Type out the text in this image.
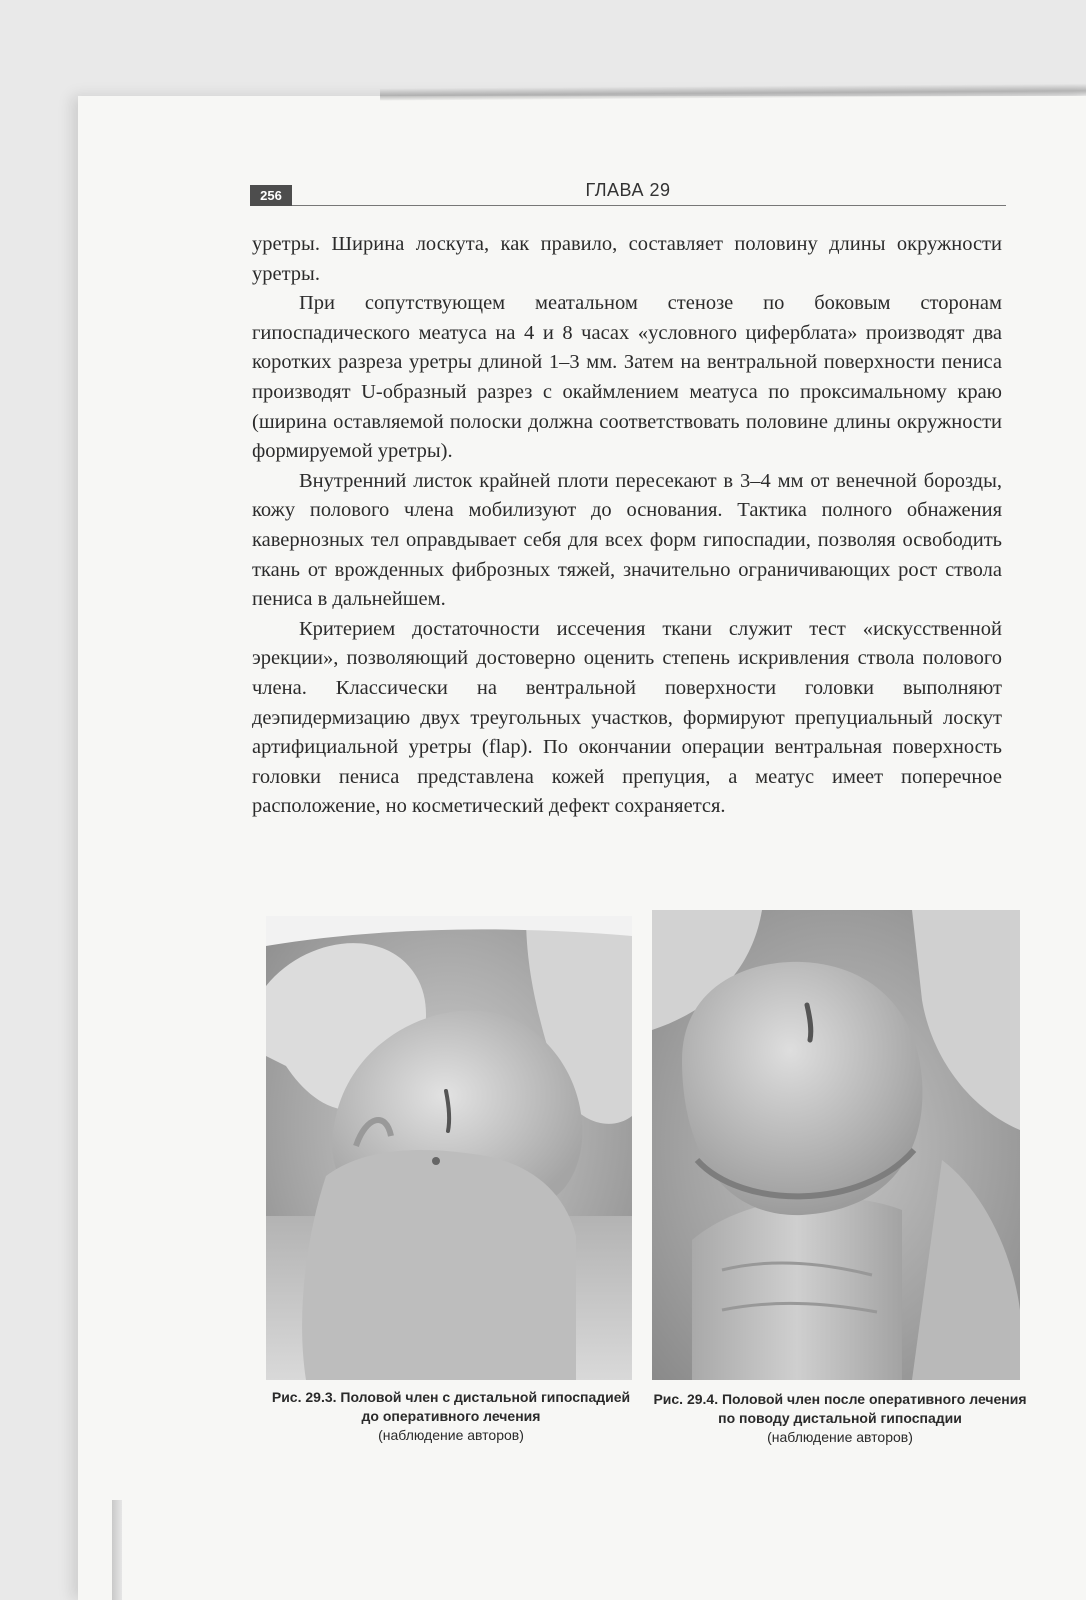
256	ГЛАВА 29

уретры. Ширина лоскута, как правило, составляет половину длины окружности уретры.

При сопутствующем меатальном стенозе по боковым сторонам гипоспадического меатуса на 4 и 8 часах «условного циферблата» производят два коротких разреза уретры длиной 1–3 мм. Затем на вентральной поверхности пениса производят U-образный разрез с окаймлением меатуса по проксимальному краю (ширина оставляемой полоски должна соответствовать половине длины окружности формируемой уретры).

Внутренний листок крайней плоти пересекают в 3–4 мм от венечной борозды, кожу полового члена мобилизуют до основания. Тактика полного обнажения кавернозных тел оправдывает себя для всех форм гипоспадии, позволяя освободить ткань от врожденных фиброзных тяжей, значительно ограничивающих рост ствола пениса в дальнейшем.

Критерием достаточности иссечения ткани служит тест «искусственной эрекции», позволяющий достоверно оценить степень искривления ствола полового члена. Классически на вентральной поверхности головки выполняют деэпидермизацию двух треугольных участков, формируют препуциальный лоскут артифициальной уретры (flap). По окончании операции вентральная поверхность головки пениса представлена кожей препуция, а меатус имеет поперечное расположение, но косметический дефект сохраняется.

Рис. 29.3. Половой член с дистальной гипоспадией до оперативного лечения
(наблюдение авторов)
Рис. 29.4. Половой член после оперативного лечения по поводу дистальной гипоспадии
(наблюдение авторов)
